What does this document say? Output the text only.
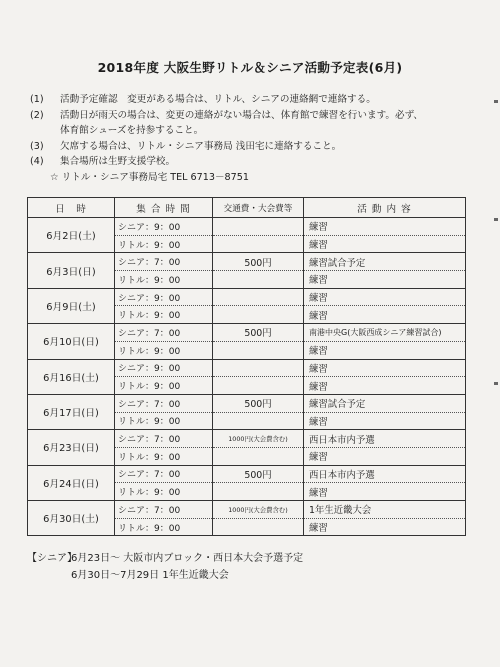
2018年度 大阪生野リトル＆シニア活動予定表(6月)
(1)	活動予定確認　変更がある場合は、リトル、シニアの連絡網で連絡する。
(2)	活動日が雨天の場合は、変更の連絡がない場合は、体育館で練習を行います。必ず、
体育館シューズを持参すること。
(3)	欠席する場合は、リトル・シニア事務局 浅田宅に連絡すること。
(4)	集合場所は生野支援学校。
☆ リトル・シニア事務局宅 TEL 6713－8751
日　時	集 合 時 間	交通費・大会費等	活 動 内 容
6月2日(土)	シニア：9：00		練習
	リトル：9：00		練習
6月3日(日)	シニア：7：00	500円	練習試合予定
	リトル：9：00		練習
6月9日(土)	シニア：9：00		練習
	リトル：9：00		練習
6月10日(日)	シニア：7：00	500円	南港中央G(大阪西成シニア練習試合)
	リトル：9：00		練習
6月16日(土)	シニア：9：00		練習
	リトル：9：00		練習
6月17日(日)	シニア：7：00	500円	練習試合予定
	リトル：9：00		練習
6月23日(日)	シニア：7：00	1000円(大会費含む)	西日本市内予選
	リトル：9：00		練習
6月24日(日)	シニア：7：00	500円	西日本市内予選
	リトル：9：00		練習
6月30日(土)	シニア：7：00	1000円(大会費含む)	1年生近畿大会
	リトル：9：00		練習
【シニア】
6月23日～ 大阪市内ブロック・西日本大会予選予定
6月30日～7月29日 1年生近畿大会
